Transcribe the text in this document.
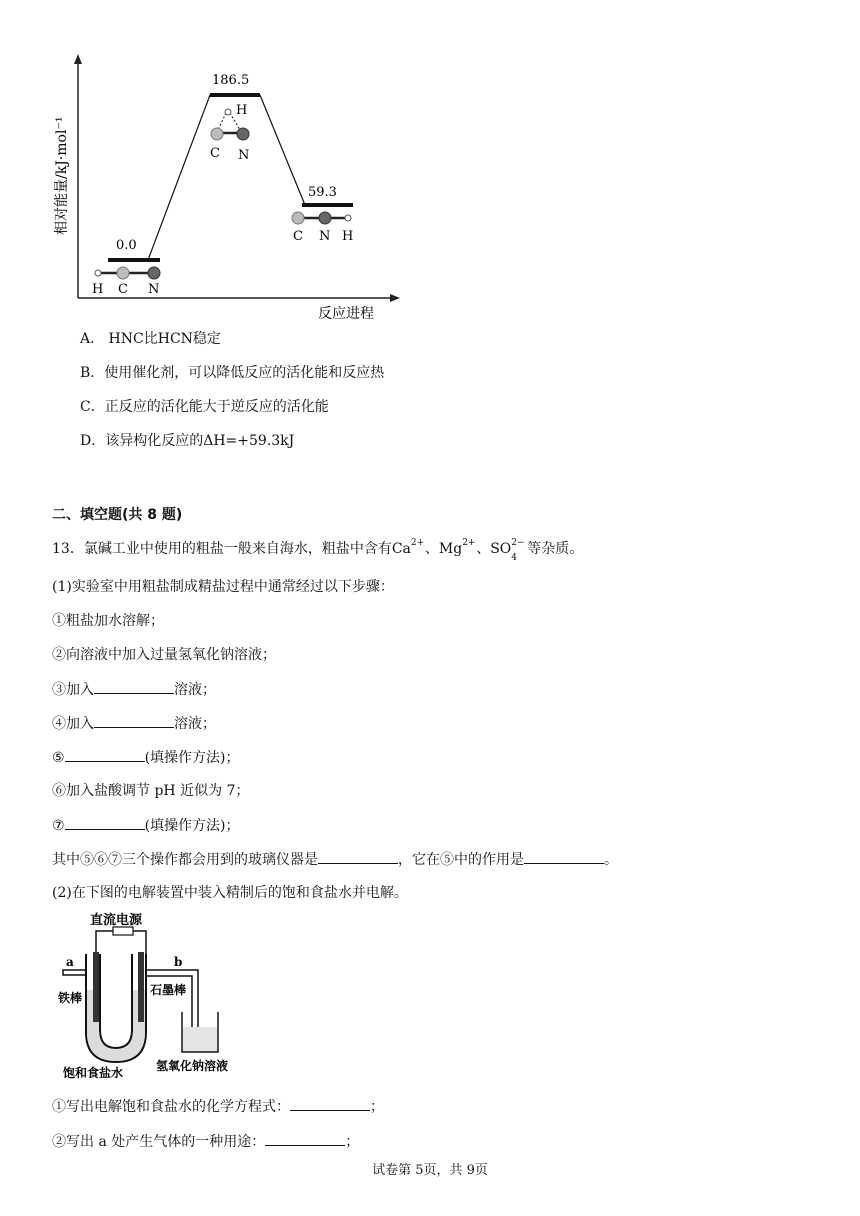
相对能量/kJ·mol⁻¹
反应进程
0.0
186.5
59.3
H C N
H
C N
C N H
A． HNC比HCN稳定
B．使用催化剂，可以降低反应的活化能和反应热
C．正反应的活化能大于逆反应的活化能
D．该异构化反应的ΔH=+59.3kJ
二、填空题(共 8 题)
13．氯碱工业中使用的粗盐一般来自海水，粗盐中含有Ca 2+ 、Mg 2+ 、SO 2−
4
等杂质。
(1)实验室中用粗盐制成精盐过程中通常经过以下步骤：
①粗盐加水溶解；
②向溶液中加入过量氢氧化钠溶液；
③加入	溶液；
④加入	溶液；
⑤	(填操作方法)；
⑥加入盐酸调节 pH 近似为 7；
⑦	(填操作方法)；
其中⑤⑥⑦三个操作都会用到的玻璃仪器是	，它在⑤中的作用是	。
(2)在下图的电解装置中装入精制后的饱和食盐水并电解。
直流电源
a	b
铁棒
石墨棒
饱和食盐水	氢氧化钠溶液
①写出电解饱和食盐水的化学方程式：	；
②写出 a 处产生气体的一种用途：	；
试卷第 5页，共 9页
